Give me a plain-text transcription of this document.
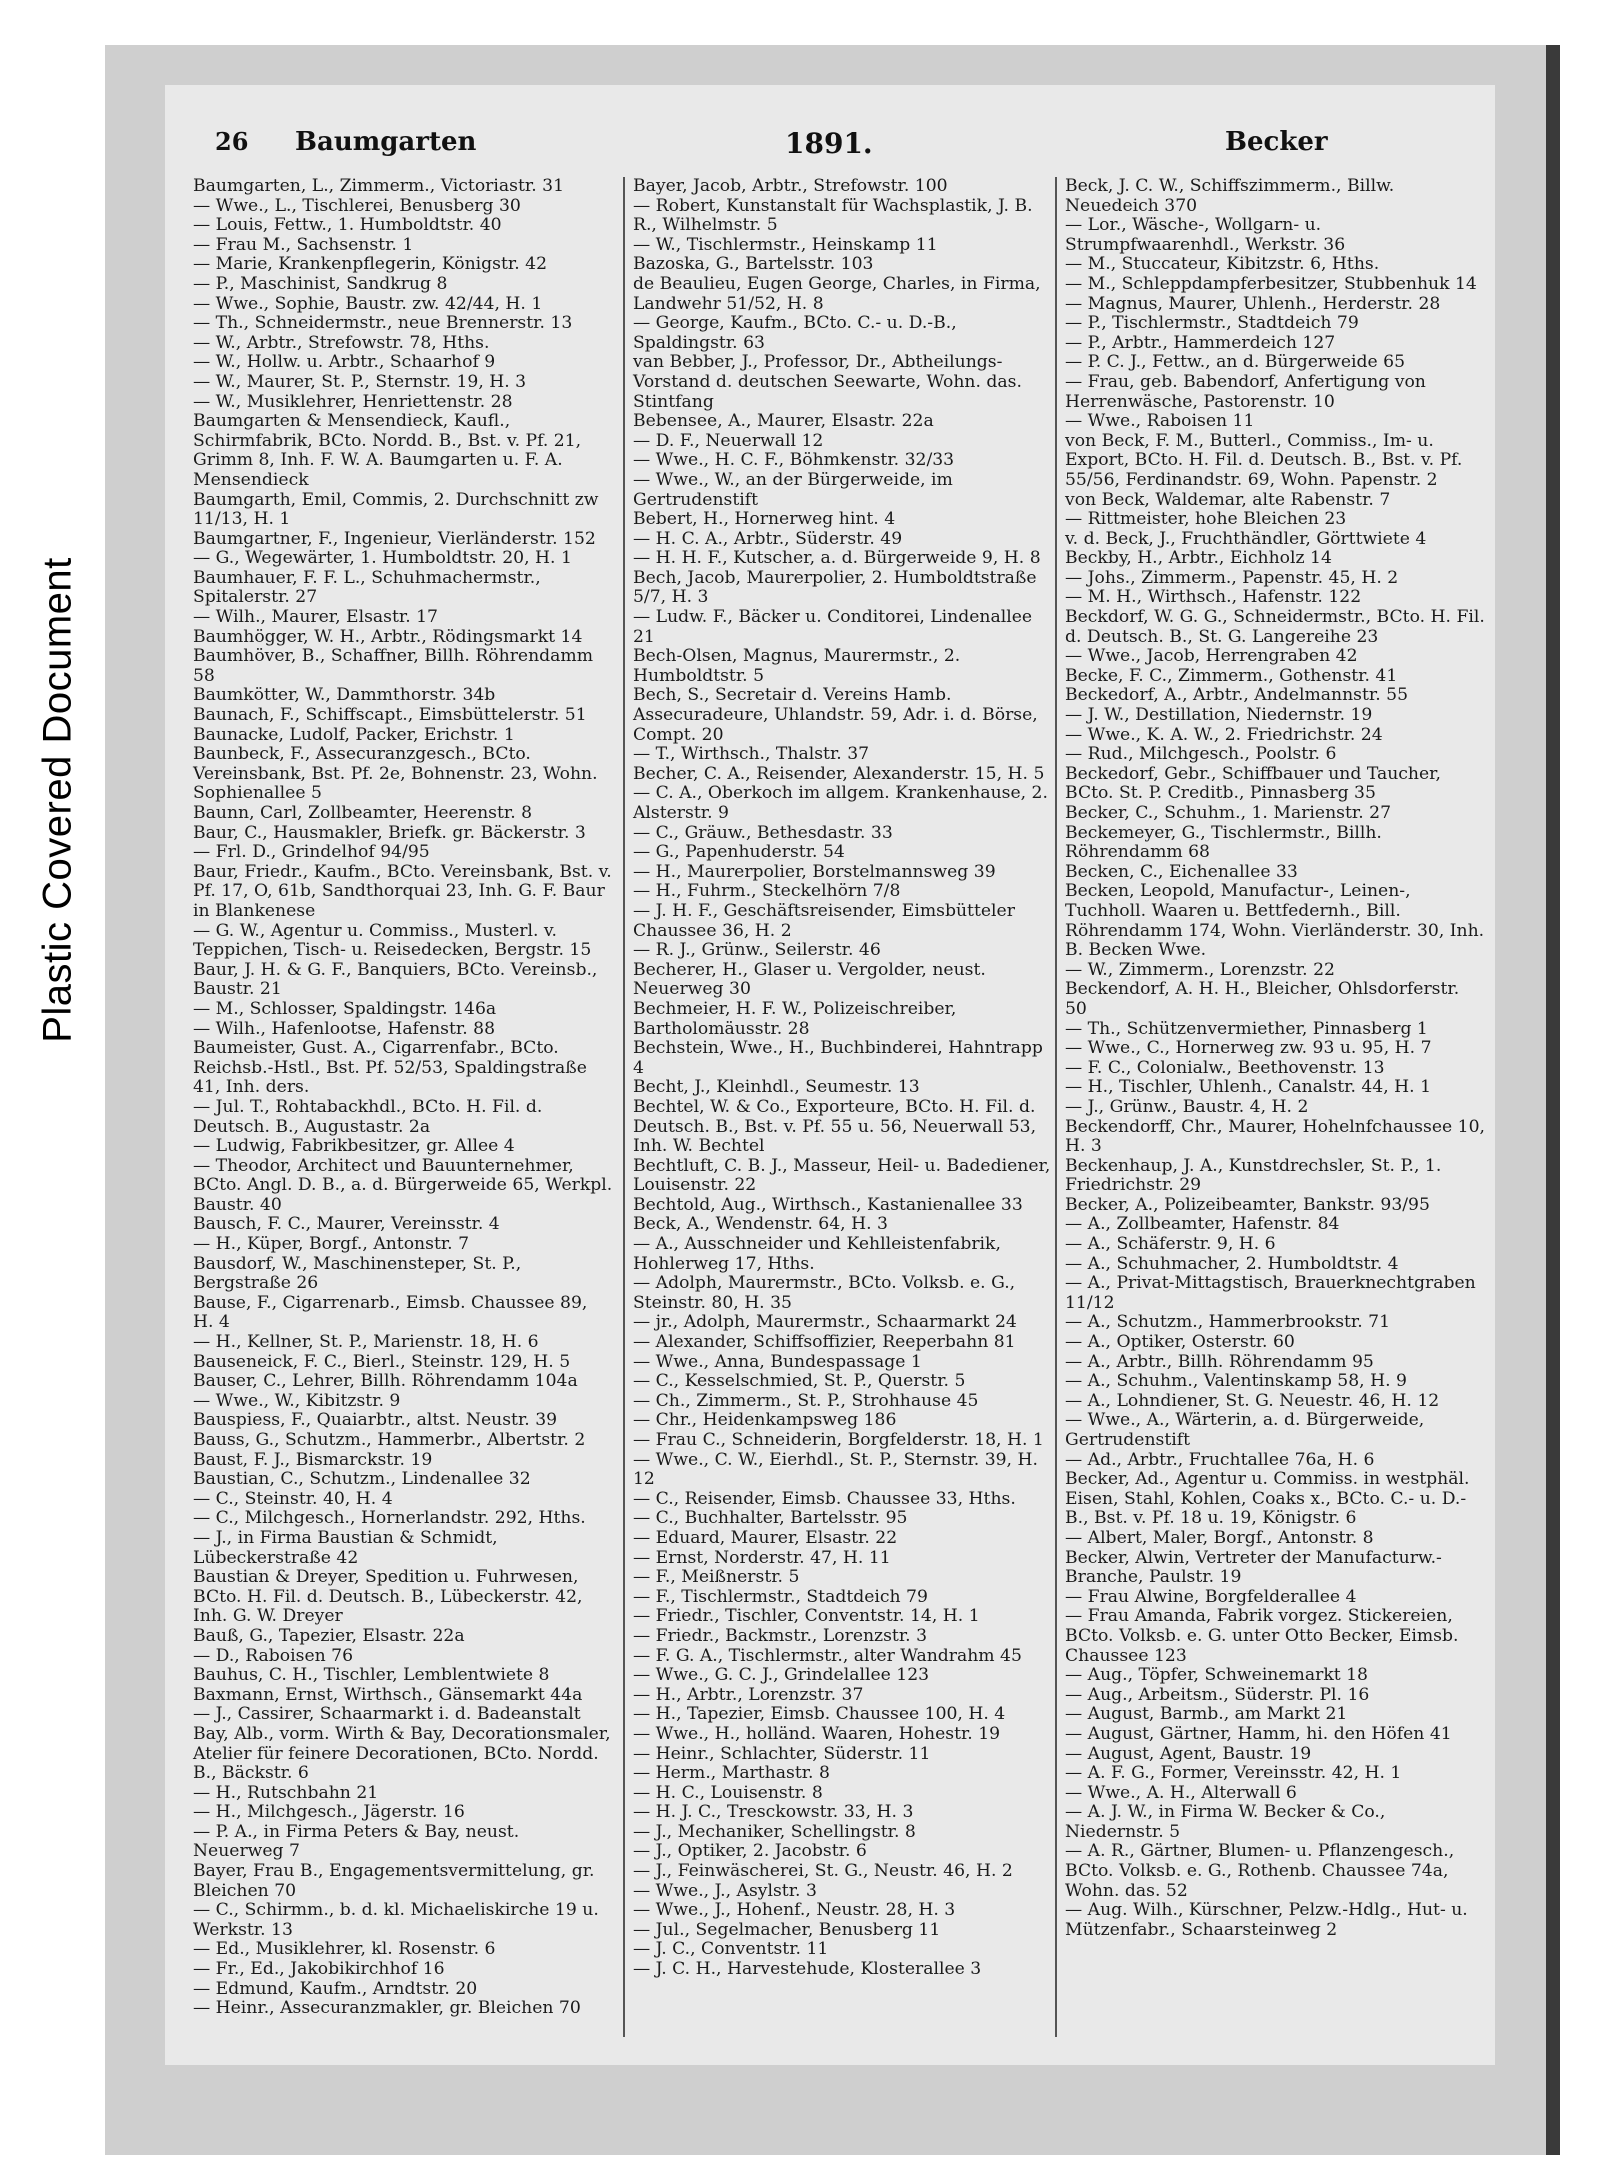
Plastic Covered Document
26 Baumgarten	1891.	Becker
Baumgarten, L., Zimmerm., Victoriastr. 31
— Wwe., L., Tischlerei, Benusberg 30
— Louis, Fettw., 1. Humboldtstr. 40
— Frau M., Sachsenstr. 1
— Marie, Krankenpflegerin, Königstr. 42
— P., Maschinist, Sandkrug 8
— Wwe., Sophie, Baustr. zw. 42/44, H. 1
— Th., Schneidermstr., neue Brennerstr. 13
— W., Arbtr., Strefowstr. 78, Hths.
— W., Hollw. u. Arbtr., Schaarhof 9
— W., Maurer, St. P., Sternstr. 19, H. 3
— W., Musiklehrer, Henriettenstr. 28
Baumgarten & Mensendieck, Kaufl., Schirmfabrik, BCto. Nordd. B., Bst. v. Pf. 21, Grimm 8, Inh. F. W. A. Baumgarten u. F. A. Mensendieck
Baumgarth, Emil, Commis, 2. Durchschnitt zw 11/13, H. 1
Baumgartner, F., Ingenieur, Vierländerstr. 152
— G., Wegewärter, 1. Humboldtstr. 20, H. 1
Baumhauer, F. F. L., Schuhmachermstr., Spitalerstr. 27
— Wilh., Maurer, Elsastr. 17
Baumhögger, W. H., Arbtr., Rödingsmarkt 14
Baumhöver, B., Schaffner, Billh. Röhrendamm 58
Baumkötter, W., Dammthorstr. 34b
Baunach, F., Schiffscapt., Eimsbüttelerstr. 51
Baunacke, Ludolf, Packer, Erichstr. 1
Baunbeck, F., Assecuranzgesch., BCto. Vereinsbank, Bst. Pf. 2e, Bohnenstr. 23, Wohn. Sophienallee 5
Baunn, Carl, Zollbeamter, Heerenstr. 8
Baur, C., Hausmakler, Briefk. gr. Bäckerstr. 3
— Frl. D., Grindelhof 94/95
Baur, Friedr., Kaufm., BCto. Vereinsbank, Bst. v. Pf. 17, O, 61b, Sandthorquai 23, Inh. G. F. Baur in Blankenese
— G. W., Agentur u. Commiss., Musterl. v. Teppichen, Tisch- u. Reisedecken, Bergstr. 15
Baur, J. H. & G. F., Banquiers, BCto. Vereinsb., Baustr. 21
— M., Schlosser, Spaldingstr. 146a
— Wilh., Hafenlootse, Hafenstr. 88
Baumeister, Gust. A., Cigarrenfabr., BCto. Reichsb.-Hstl., Bst. Pf. 52/53, Spaldingstraße 41, Inh. ders.
— Jul. T., Rohtabackhdl., BCto. H. Fil. d. Deutsch. B., Augustastr. 2a
— Ludwig, Fabrikbesitzer, gr. Allee 4
— Theodor, Architect und Bauunternehmer, BCto. Angl. D. B., a. d. Bürgerweide 65, Werkpl. Baustr. 40
Bausch, F. C., Maurer, Vereinsstr. 4
— H., Küper, Borgf., Antonstr. 7
Bausdorf, W., Maschinensteper, St. P., Bergstraße 26
Bause, F., Cigarrenarb., Eimsb. Chaussee 89, H. 4
— H., Kellner, St. P., Marienstr. 18, H. 6
Bauseneick, F. C., Bierl., Steinstr. 129, H. 5
Bauser, C., Lehrer, Billh. Röhrendamm 104a
— Wwe., W., Kibitzstr. 9
Bauspiess, F., Quaiarbtr., altst. Neustr. 39
Bauss, G., Schutzm., Hammerbr., Albertstr. 2
Baust, F. J., Bismarckstr. 19
Baustian, C., Schutzm., Lindenallee 32
— C., Steinstr. 40, H. 4
— C., Milchgesch., Hornerlandstr. 292, Hths.
— J., in Firma Baustian & Schmidt, Lübeckerstraße 42
Baustian & Dreyer, Spedition u. Fuhrwesen, BCto. H. Fil. d. Deutsch. B., Lübeckerstr. 42, Inh. G. W. Dreyer
Bauß, G., Tapezier, Elsastr. 22a
— D., Raboisen 76
Bauhus, C. H., Tischler, Lemblentwiete 8
Baxmann, Ernst, Wirthsch., Gänsemarkt 44a
— J., Cassirer, Schaarmarkt i. d. Badeanstalt
Bay, Alb., vorm. Wirth & Bay, Decorationsmaler, Atelier für feinere Decorationen, BCto. Nordd. B., Bäckstr. 6
— H., Rutschbahn 21
— H., Milchgesch., Jägerstr. 16
— P. A., in Firma Peters & Bay, neust. Neuerweg 7
Bayer, Frau B., Engagementsvermittelung, gr. Bleichen 70
— C., Schirmm., b. d. kl. Michaeliskirche 19 u. Werkstr. 13
— Ed., Musiklehrer, kl. Rosenstr. 6
— Fr., Ed., Jakobikirchhof 16
— Edmund, Kaufm., Arndtstr. 20
— Heinr., Assecuranzmakler, gr. Bleichen 70
Bayer, Jacob, Arbtr., Strefowstr. 100
— Robert, Kunstanstalt für Wachsplastik, J. B. R., Wilhelmstr. 5
— W., Tischlermstr., Heinskamp 11
Bazoska, G., Bartelsstr. 103
de Beaulieu, Eugen George, Charles, in Firma, Landwehr 51/52, H. 8
— George, Kaufm., BCto. C.- u. D.-B., Spaldingstr. 63
van Bebber, J., Professor, Dr., Abtheilungs-Vorstand d. deutschen Seewarte, Wohn. das. Stintfang
Bebensee, A., Maurer, Elsastr. 22a
— D. F., Neuerwall 12
— Wwe., H. C. F., Böhmkenstr. 32/33
— Wwe., W., an der Bürgerweide, im Gertrudenstift
Bebert, H., Hornerweg hint. 4
— H. C. A., Arbtr., Süderstr. 49
— H. H. F., Kutscher, a. d. Bürgerweide 9, H. 8
Bech, Jacob, Maurerpolier, 2. Humboldtstraße 5/7, H. 3
— Ludw. F., Bäcker u. Conditorei, Lindenallee 21
Bech-Olsen, Magnus, Maurermstr., 2. Humboldtstr. 5
Bech, S., Secretair d. Vereins Hamb. Assecuradeure, Uhlandstr. 59, Adr. i. d. Börse, Compt. 20
— T., Wirthsch., Thalstr. 37
Becher, C. A., Reisender, Alexanderstr. 15, H. 5
— C. A., Oberkoch im allgem. Krankenhause, 2. Alsterstr. 9
— C., Gräuw., Bethesdastr. 33
— G., Papenhuderstr. 54
— H., Maurerpolier, Borstelmannsweg 39
— H., Fuhrm., Steckelhörn 7/8
— J. H. F., Geschäftsreisender, Eimsbütteler Chaussee 36, H. 2
— R. J., Grünw., Seilerstr. 46
Becherer, H., Glaser u. Vergolder, neust. Neuerweg 30
Bechmeier, H. F. W., Polizeischreiber, Bartholomäusstr. 28
Bechstein, Wwe., H., Buchbinderei, Hahntrapp 4
Becht, J., Kleinhdl., Seumestr. 13
Bechtel, W. & Co., Exporteure, BCto. H. Fil. d. Deutsch. B., Bst. v. Pf. 55 u. 56, Neuerwall 53, Inh. W. Bechtel
Bechtluft, C. B. J., Masseur, Heil- u. Badediener, Louisenstr. 22
Bechtold, Aug., Wirthsch., Kastanienallee 33
Beck, A., Wendenstr. 64, H. 3
— A., Ausschneider und Kehlleistenfabrik, Hohlerweg 17, Hths.
— Adolph, Maurermstr., BCto. Volksb. e. G., Steinstr. 80, H. 35
— jr., Adolph, Maurermstr., Schaarmarkt 24
— Alexander, Schiffsoffizier, Reeperbahn 81
— Wwe., Anna, Bundespassage 1
— C., Kesselschmied, St. P., Querstr. 5
— Ch., Zimmerm., St. P., Strohhause 45
— Chr., Heidenkampsweg 186
— Frau C., Schneiderin, Borgfelderstr. 18, H. 1
— Wwe., C. W., Eierhdl., St. P., Sternstr. 39, H. 12
— C., Reisender, Eimsb. Chaussee 33, Hths.
— C., Buchhalter, Bartelsstr. 95
— Eduard, Maurer, Elsastr. 22
— Ernst, Norderstr. 47, H. 11
— F., Meißnerstr. 5
— F., Tischlermstr., Stadtdeich 79
— Friedr., Tischler, Conventstr. 14, H. 1
— Friedr., Backmstr., Lorenzstr. 3
— F. G. A., Tischlermstr., alter Wandrahm 45
— Wwe., G. C. J., Grindelallee 123
— H., Arbtr., Lorenzstr. 37
— H., Tapezier, Eimsb. Chaussee 100, H. 4
— Wwe., H., holländ. Waaren, Hohestr. 19
— Heinr., Schlachter, Süderstr. 11
— Herm., Marthastr. 8
— H. C., Louisenstr. 8
— H. J. C., Tresckowstr. 33, H. 3
— J., Mechaniker, Schellingstr. 8
— J., Optiker, 2. Jacobstr. 6
— J., Feinwäscherei, St. G., Neustr. 46, H. 2
— Wwe., J., Asylstr. 3
— Wwe., J., Hohenf., Neustr. 28, H. 3
— Jul., Segelmacher, Benusberg 11
— J. C., Conventstr. 11
— J. C. H., Harvestehude, Klosterallee 3
Beck, J. C. W., Schiffszimmerm., Billw. Neuedeich 370
— Lor., Wäsche-, Wollgarn- u. Strumpfwaarenhdl., Werkstr. 36
— M., Stuccateur, Kibitzstr. 6, Hths.
— M., Schleppdampferbesitzer, Stubbenhuk 14
— Magnus, Maurer, Uhlenh., Herderstr. 28
— P., Tischlermstr., Stadtdeich 79
— P., Arbtr., Hammerdeich 127
— P. C. J., Fettw., an d. Bürgerweide 65
— Frau, geb. Babendorf, Anfertigung von Herrenwäsche, Pastorenstr. 10
— Wwe., Raboisen 11
von Beck, F. M., Butterl., Commiss., Im- u. Export, BCto. H. Fil. d. Deutsch. B., Bst. v. Pf. 55/56, Ferdinandstr. 69, Wohn. Papenstr. 2
von Beck, Waldemar, alte Rabenstr. 7
— Rittmeister, hohe Bleichen 23
v. d. Beck, J., Fruchthändler, Görttwiete 4
Beckby, H., Arbtr., Eichholz 14
— Johs., Zimmerm., Papenstr. 45, H. 2
— M. H., Wirthsch., Hafenstr. 122
Beckdorf, W. G. G., Schneidermstr., BCto. H. Fil. d. Deutsch. B., St. G. Langereihe 23
— Wwe., Jacob, Herrengraben 42
Becke, F. C., Zimmerm., Gothenstr. 41
Beckedorf, A., Arbtr., Andelmannstr. 55
— J. W., Destillation, Niedernstr. 19
— Wwe., K. A. W., 2. Friedrichstr. 24
— Rud., Milchgesch., Poolstr. 6
Beckedorf, Gebr., Schiffbauer und Taucher, BCto. St. P. Creditb., Pinnasberg 35
Becker, C., Schuhm., 1. Marienstr. 27
Beckemeyer, G., Tischlermstr., Billh. Röhrendamm 68
Becken, C., Eichenallee 33
Becken, Leopold, Manufactur-, Leinen-, Tuchholl. Waaren u. Bettfedernh., Bill. Röhrendamm 174, Wohn. Vierländerstr. 30, Inh. B. Becken Wwe.
— W., Zimmerm., Lorenzstr. 22
Beckendorf, A. H. H., Bleicher, Ohlsdorferstr. 50
— Th., Schützenvermiether, Pinnasberg 1
— Wwe., C., Hornerweg zw. 93 u. 95, H. 7
— F. C., Colonialw., Beethovenstr. 13
— H., Tischler, Uhlenh., Canalstr. 44, H. 1
— J., Grünw., Baustr. 4, H. 2
Beckendorff, Chr., Maurer, Hohelnfchaussee 10, H. 3
Beckenhaup, J. A., Kunstdrechsler, St. P., 1. Friedrichstr. 29
Becker, A., Polizeibeamter, Bankstr. 93/95
— A., Zollbeamter, Hafenstr. 84
— A., Schäferstr. 9, H. 6
— A., Schuhmacher, 2. Humboldtstr. 4
— A., Privat-Mittagstisch, Brauerknechtgraben 11/12
— A., Schutzm., Hammerbrookstr. 71
— A., Optiker, Osterstr. 60
— A., Arbtr., Billh. Röhrendamm 95
— A., Schuhm., Valentinskamp 58, H. 9
— A., Lohndiener, St. G. Neuestr. 46, H. 12
— Wwe., A., Wärterin, a. d. Bürgerweide, Gertrudenstift
— Ad., Arbtr., Fruchtallee 76a, H. 6
Becker, Ad., Agentur u. Commiss. in westphäl. Eisen, Stahl, Kohlen, Coaks x., BCto. C.- u. D.-B., Bst. v. Pf. 18 u. 19, Königstr. 6
— Albert, Maler, Borgf., Antonstr. 8
Becker, Alwin, Vertreter der Manufacturw.-Branche, Paulstr. 19
— Frau Alwine, Borgfelderallee 4
— Frau Amanda, Fabrik vorgez. Stickereien, BCto. Volksb. e. G. unter Otto Becker, Eimsb. Chaussee 123
— Aug., Töpfer, Schweinemarkt 18
— Aug., Arbeitsm., Süderstr. Pl. 16
— August, Barmb., am Markt 21
— August, Gärtner, Hamm, hi. den Höfen 41
— August, Agent, Baustr. 19
— A. F. G., Former, Vereinsstr. 42, H. 1
— Wwe., A. H., Alterwall 6
— A. J. W., in Firma W. Becker & Co., Niedernstr. 5
— A. R., Gärtner, Blumen- u. Pflanzengesch., BCto. Volksb. e. G., Rothenb. Chaussee 74a, Wohn. das. 52
— Aug. Wilh., Kürschner, Pelzw.-Hdlg., Hut- u. Mützenfabr., Schaarsteinweg 2
